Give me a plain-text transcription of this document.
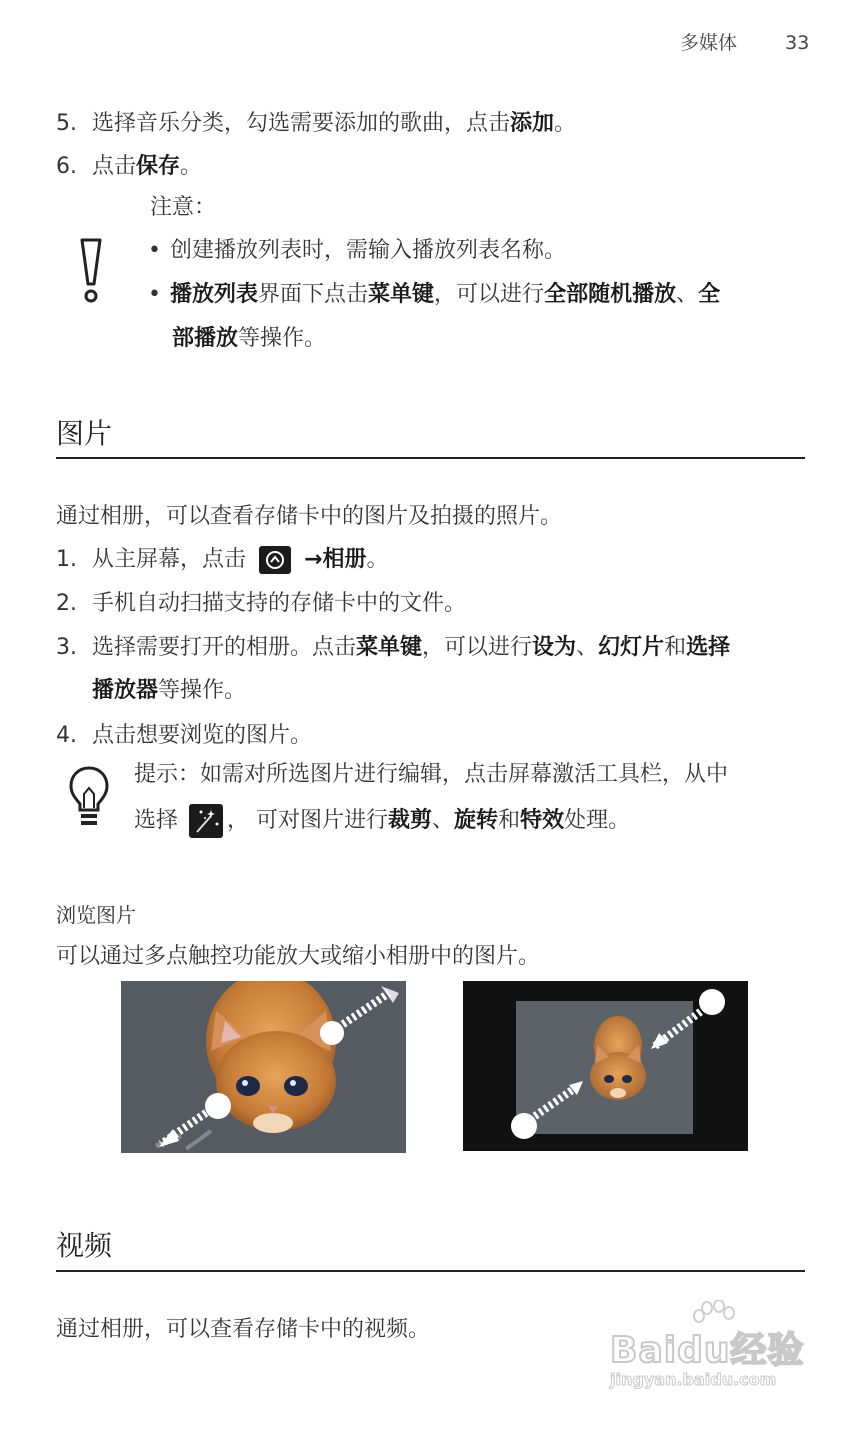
多媒体	33
5. 选择音乐分类，勾选需要添加的歌曲，点击添加。
6. 点击保存。
注意：
• 创建播放列表时，需输入播放列表名称。
• 播放列表界面下点击菜单键，可以进行全部随机播放、全
部播放等操作。
图片
通过相册，可以查看存储卡中的图片及拍摄的照片。
1. 从主屏幕，点击	→相册。
2. 手机自动扫描支持的存储卡中的文件。
3. 选择需要打开的相册。点击菜单键，可以进行设为、幻灯片和选择
播放器等操作。
4. 点击想要浏览的图片。
提示：如需对所选图片进行编辑，点击屏幕激活工具栏，从中
选择 ， 可对图片进行裁剪、旋转和特效处理。
浏览图片
可以通过多点触控功能放大或缩小相册中的图片。
视频
通过相册，可以查看存储卡中的视频。
Baidu经验
jingyan.baidu.com
